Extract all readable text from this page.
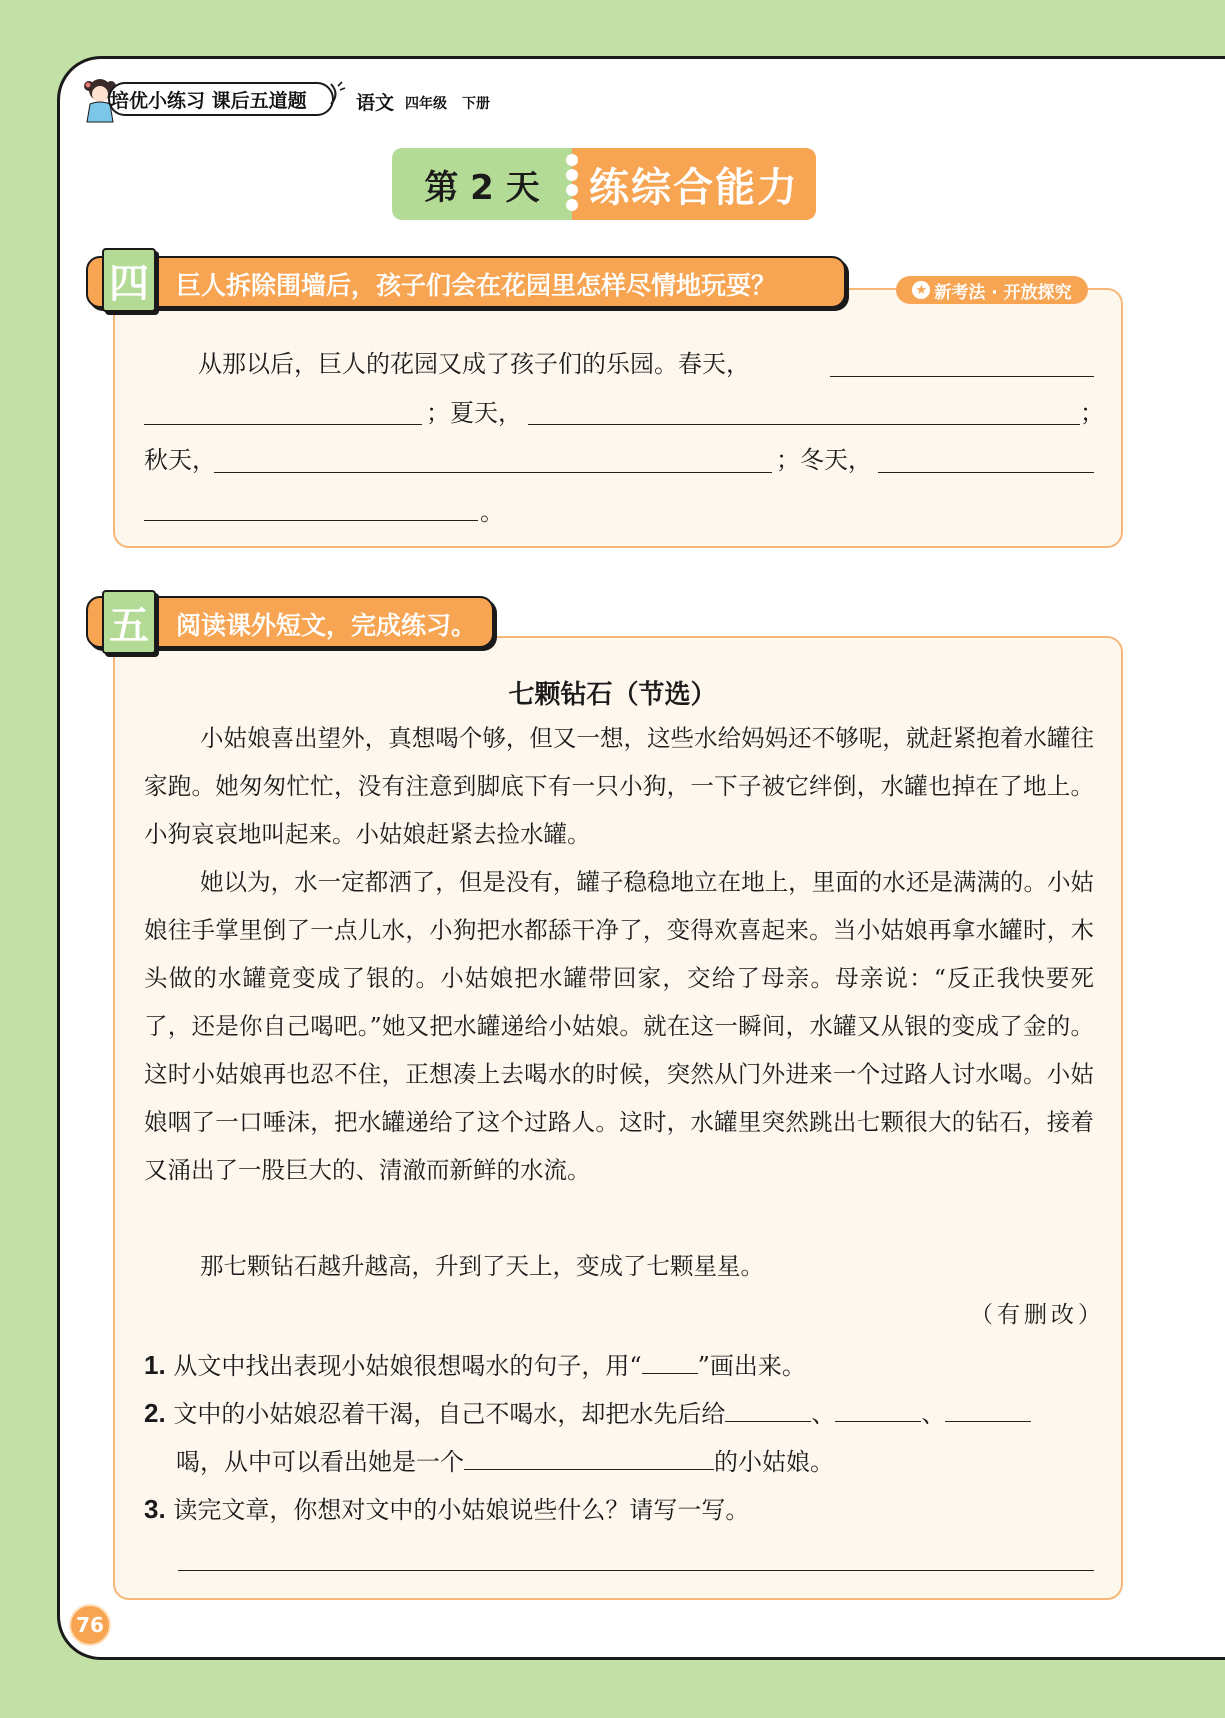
培优小练习 课后五道题	语文 四年级 下册
第 2 天	练综合能力
四 巨人拆除围墙后，孩子们会在花园里怎样尽情地玩耍？	★ 新考法 · 开放探究
从那以后，巨人的花园又成了孩子们的乐园。春天，
；夏天，	；
秋天，	；冬天，
。
五 阅读课外短文，完成练习。
七颗钻石（节选）
小姑娘喜出望外，真想喝个够，但又一想，这些水给妈妈还不够呢，就赶紧抱着水罐往家跑。她匆匆忙忙，没有注意到脚底下有一只小狗，一下子被它绊倒，水罐也掉在了地上。小狗哀哀地叫起来。小姑娘赶紧去捡水罐。
她以为，水一定都洒了，但是没有，罐子稳稳地立在地上，里面的水还是满满的。小姑娘往手掌里倒了一点儿水，小狗把水都舔干净了，变得欢喜起来。当小姑娘再拿水罐时，木头做的水罐竟变成了银的。小姑娘把水罐带回家，交给了母亲。母亲说：“反正我快要死了，还是你自己喝吧。”她又把水罐递给小姑娘。就在这一瞬间，水罐又从银的变成了金的。这时小姑娘再也忍不住，正想凑上去喝水的时候，突然从门外进来一个过路人讨水喝。小姑娘咽了一口唾沫，把水罐递给了这个过路人。这时，水罐里突然跳出七颗很大的钻石，接着又涌出了一股巨大的、清澈而新鲜的水流。
那七颗钻石越升越高，升到了天上，变成了七颗星星。
（有删改）
1. 从文中找出表现小姑娘很想喝水的句子，用“ ”画出来。
2. 文中的小姑娘忍着干渴，自己不喝水，却把水先后给	、	、
喝，从中可以看出她是一个	的小姑娘。
3. 读完文章，你想对文中的小姑娘说些什么？请写一写。
76
